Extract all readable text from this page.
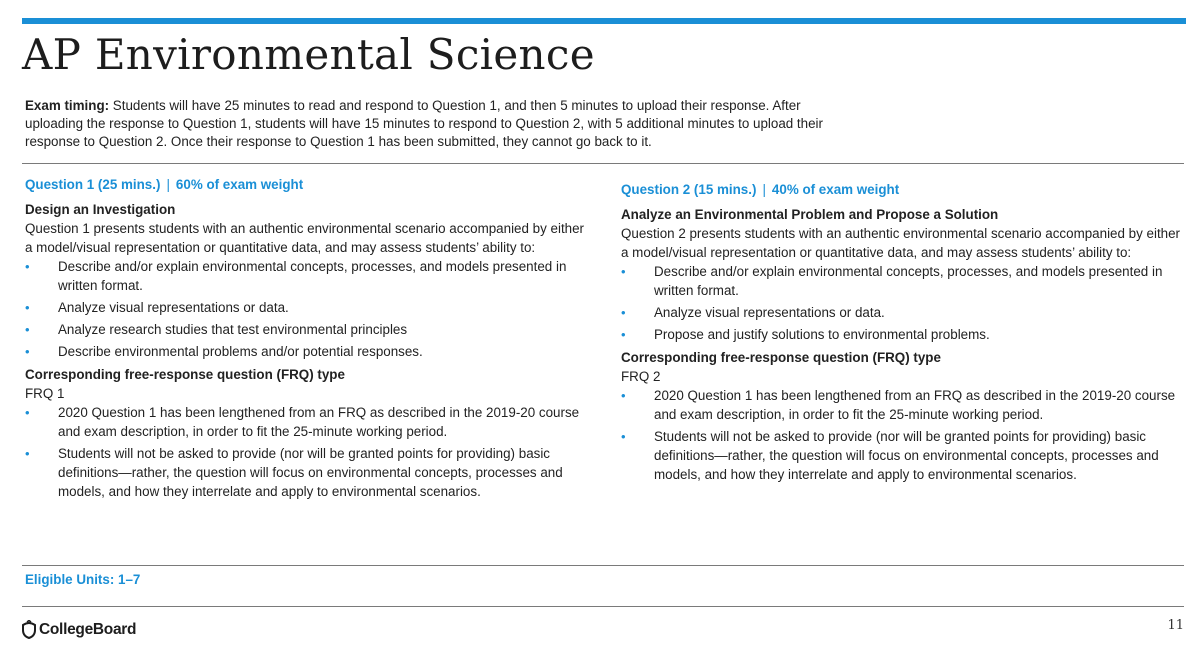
AP Environmental Science
Exam timing: Students will have 25 minutes to read and respond to Question 1, and then 5 minutes to upload their response. After uploading the response to Question 1, students will have 15 minutes to respond to Question 2, with 5 additional minutes to upload their response to Question 2. Once their response to Question 1 has been submitted, they cannot go back to it.
Question 1 (25 mins.) | 60% of exam weight

Design an Investigation

Question 1 presents students with an authentic environmental scenario accompanied by either a model/visual representation or quantitative data, and may assess students’ ability to:

• Describe and/or explain environmental concepts, processes, and models presented in written format.
• Analyze visual representations or data.
• Analyze research studies that test environmental principles
• Describe environmental problems and/or potential responses.

Corresponding free-response question (FRQ) type

FRQ 1

• 2020 Question 1 has been lengthened from an FRQ as described in the 2019-20 course and exam description, in order to fit the 25-minute working period.
• Students will not be asked to provide (nor will be granted points for providing) basic definitions—rather, the question will focus on environmental concepts, processes and models, and how they interrelate and apply to environmental scenarios.
Question 2 (15 mins.) | 40% of exam weight

Analyze an Environmental Problem and Propose a Solution

Question 2 presents students with an authentic environmental scenario accompanied by either a model/visual representation or quantitative data, and may assess students’ ability to:

• Describe and/or explain environmental concepts, processes, and models presented in written format.
• Analyze visual representations or data.
• Propose and justify solutions to environmental problems.

Corresponding free-response question (FRQ) type

FRQ 2

• 2020 Question 1 has been lengthened from an FRQ as described in the 2019-20 course and exam description, in order to fit the 25-minute working period.
• Students will not be asked to provide (nor will be granted points for providing) basic definitions—rather, the question will focus on environmental concepts, processes and models, and how they interrelate and apply to environmental scenarios.
Eligible Units: 1–7
CollegeBoard	11
